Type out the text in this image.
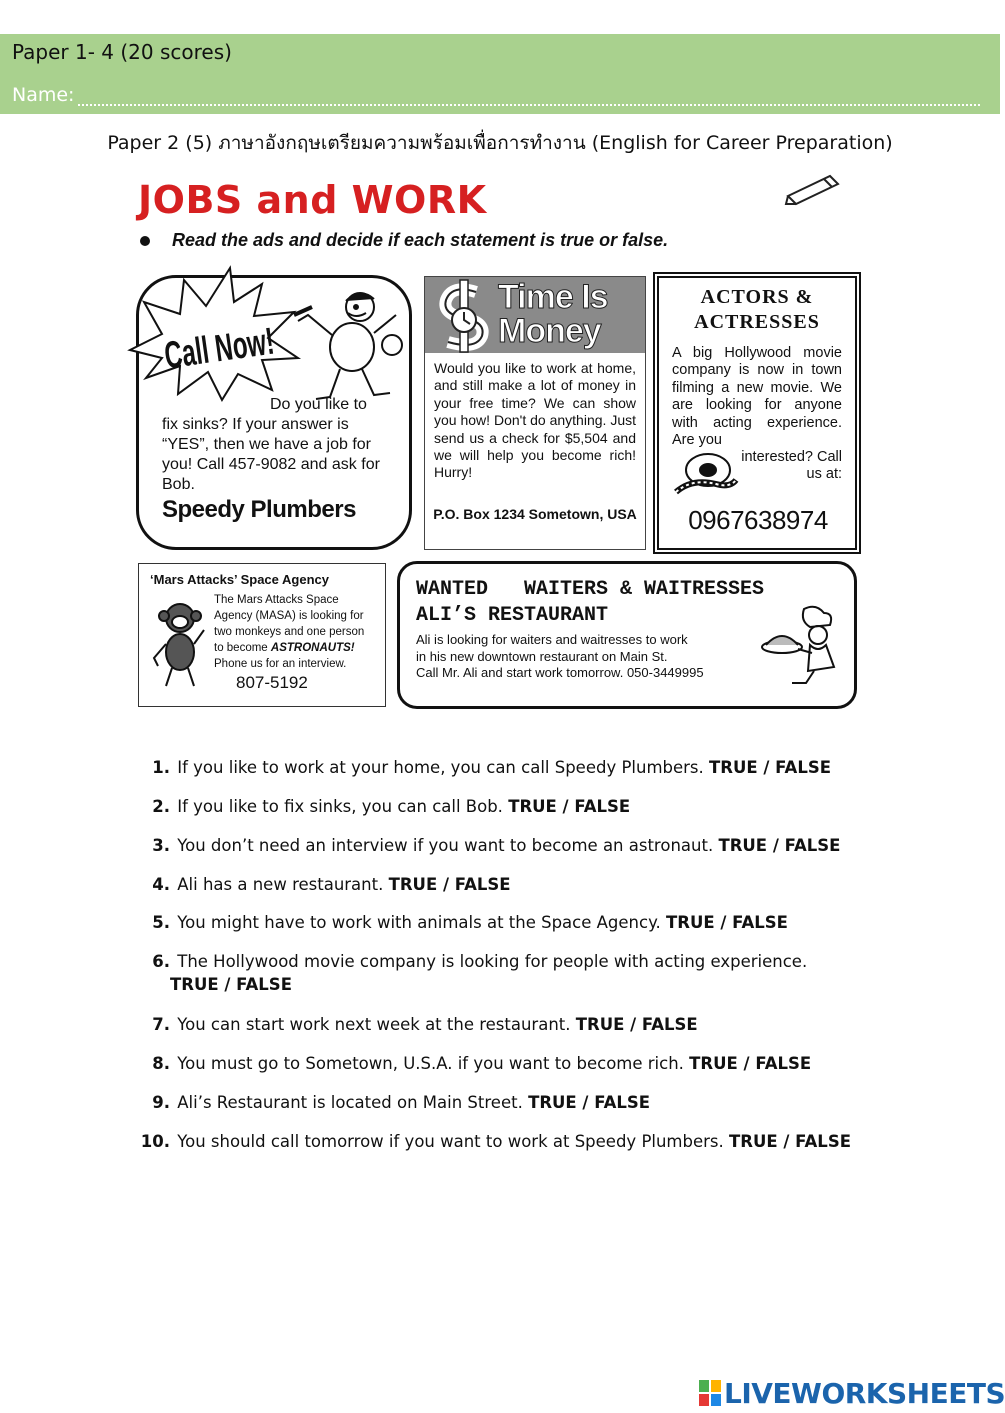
Paper 1- 4 (20 scores)
Name:
Paper 2 (5) ภาษาอังกฤษเตรียมความพร้อมเพื่อการทำงาน (English for Career Preparation)
JOBS and WORK
Read the ads and decide if each statement is true or false.
Call Now!
Do you like to
fix sinks? If your answer is “YES”, then we have a job for you! Call 457-9082 and ask for Bob.
Speedy Plumbers
Time Is Money
Would you like to work at home, and still make a lot of money in your free time? We can show you how! Don't do anything. Just send us a check for $5,504 and we will help you become rich! Hurry!
P.O. Box 1234 Sometown, USA
ACTORS & ACTRESSES
A big Hollywood movie company is now in town filming a new movie. We are looking for anyone with acting experience. Are you
interested? Call us at:
0967638974
‘Mars Attacks’ Space Agency
The Mars Attacks Space Agency (MASA) is looking for two monkeys and one person to become ASTRONAUTS! Phone us for an interview.
807-5192
WANTED   WAITERS & WAITRESSES
ALI’S RESTAURANT
Ali is looking for waiters and waitresses to work
in his new downtown restaurant on Main St.
Call Mr. Ali and start work tomorrow. 050-3449995
1. If you like to work at your home, you can call Speedy Plumbers. TRUE / FALSE
2. If you like to fix sinks, you can call Bob. TRUE / FALSE
3. You don’t need an interview if you want to become an astronaut. TRUE / FALSE
4. Ali has a new restaurant. TRUE / FALSE
5. You might have to work with animals at the Space Agency. TRUE / FALSE
6. The Hollywood movie company is looking for people with acting experience.
TRUE / FALSE
7. You can start work next week at the restaurant. TRUE / FALSE
8. You must go to Sometown, U.S.A. if you want to become rich. TRUE / FALSE
9. Ali’s Restaurant is located on Main Street. TRUE / FALSE
10. You should call tomorrow if you want to work at Speedy Plumbers. TRUE / FALSE
LIVEWORKSHEETS
